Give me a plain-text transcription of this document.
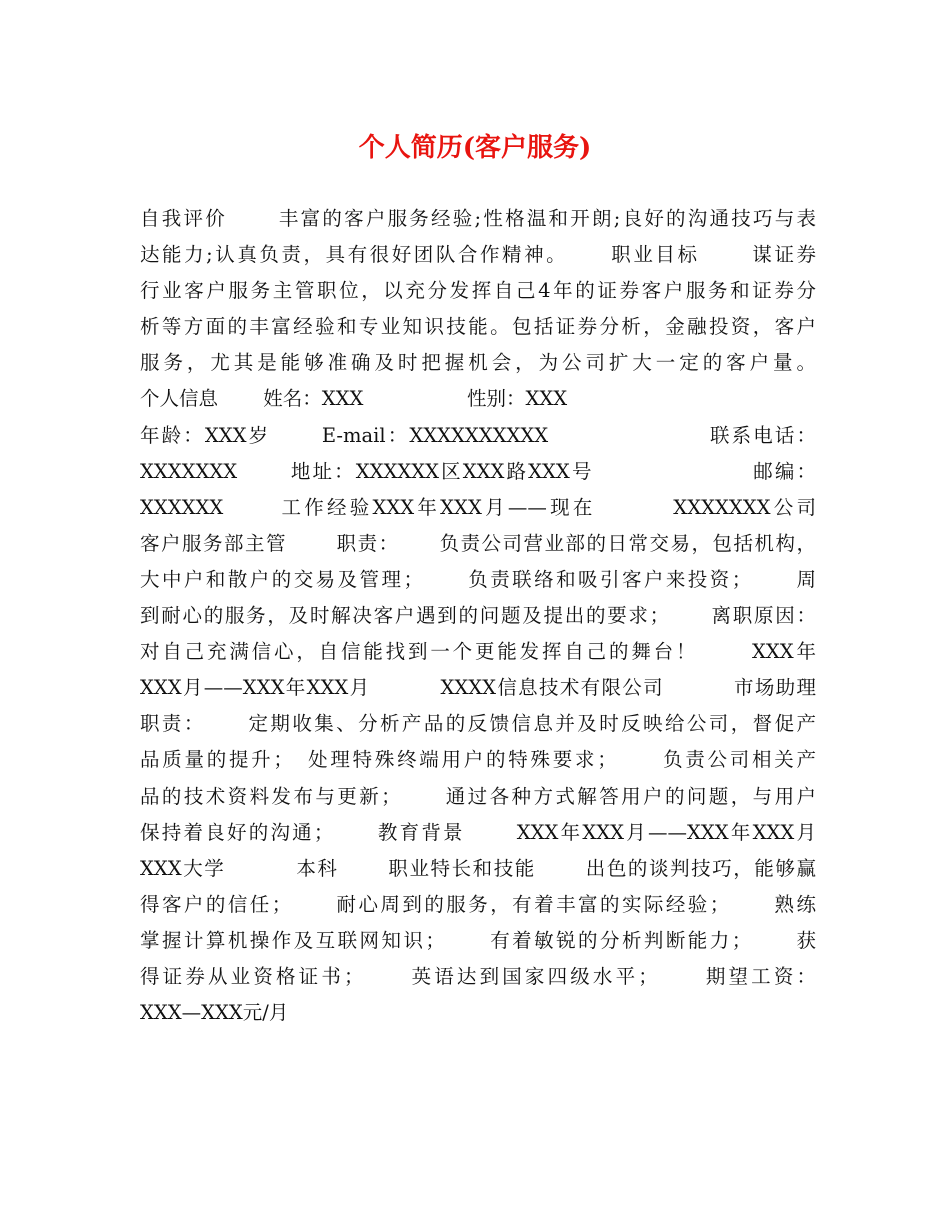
个人简历(客户服务)
自我评价　　 丰富的客户服务经验;性格温和开朗;良好的沟通技巧与表
达能力;认真负责，具有很好团队合作精神。　　 职业目标　　 谋证券
行业客户服务主管职位，以充分发挥自己4年的证券客户服务和证券分
析等方面的丰富经验和专业知识技能。包括证券分析，金融投资，客户
服务，尤其是能够准确及时把握机会，为公司扩大一定的客户量。
个人信息　　 姓名：XXX　　　　　 性别：XXX
年龄：XXX岁　　 E-mail：XXXXXXXXXX　　　　　　　 联系电话：
XXXXXXX　　 地址：XXXXXX区XXX路XXX号　　　　　　　 邮编：
XXXXXX　　 工作经验XXX年XXX月——现在　　　 XXXXXXX公司
客户服务部主管　　 职责：　　 负责公司营业部的日常交易，包括机构，
大中户和散户的交易及管理；　　 负责联络和吸引客户来投资；　　 周
到耐心的服务，及时解决客户遇到的问题及提出的要求；　　 离职原因：
对自己充满信心，自信能找到一个更能发挥自己的舞台！　　 XXX年
XXX月——XXX年XXX月　　　 XXXX信息技术有限公司　　　 市场助理
职责：　　 定期收集、分析产品的反馈信息并及时反映给公司，督促产
品质量的提升；　处理特殊终端用户的特殊要求；　　 负责公司相关产
品的技术资料发布与更新；　　 通过各种方式解答用户的问题，与用户
保持着良好的沟通；　　 教育背景　　 XXX年XXX月——XXX年XXX月
XXX大学　　　 本科　　 职业特长和技能　　 出色的谈判技巧，能够赢
得客户的信任；　　 耐心周到的服务，有着丰富的实际经验；　　 熟练
掌握计算机操作及互联网知识；　　 有着敏锐的分析判断能力；　　 获
得证券从业资格证书；　　 英语达到国家四级水平；　　 期望工资：
XXX—XXX元/月
